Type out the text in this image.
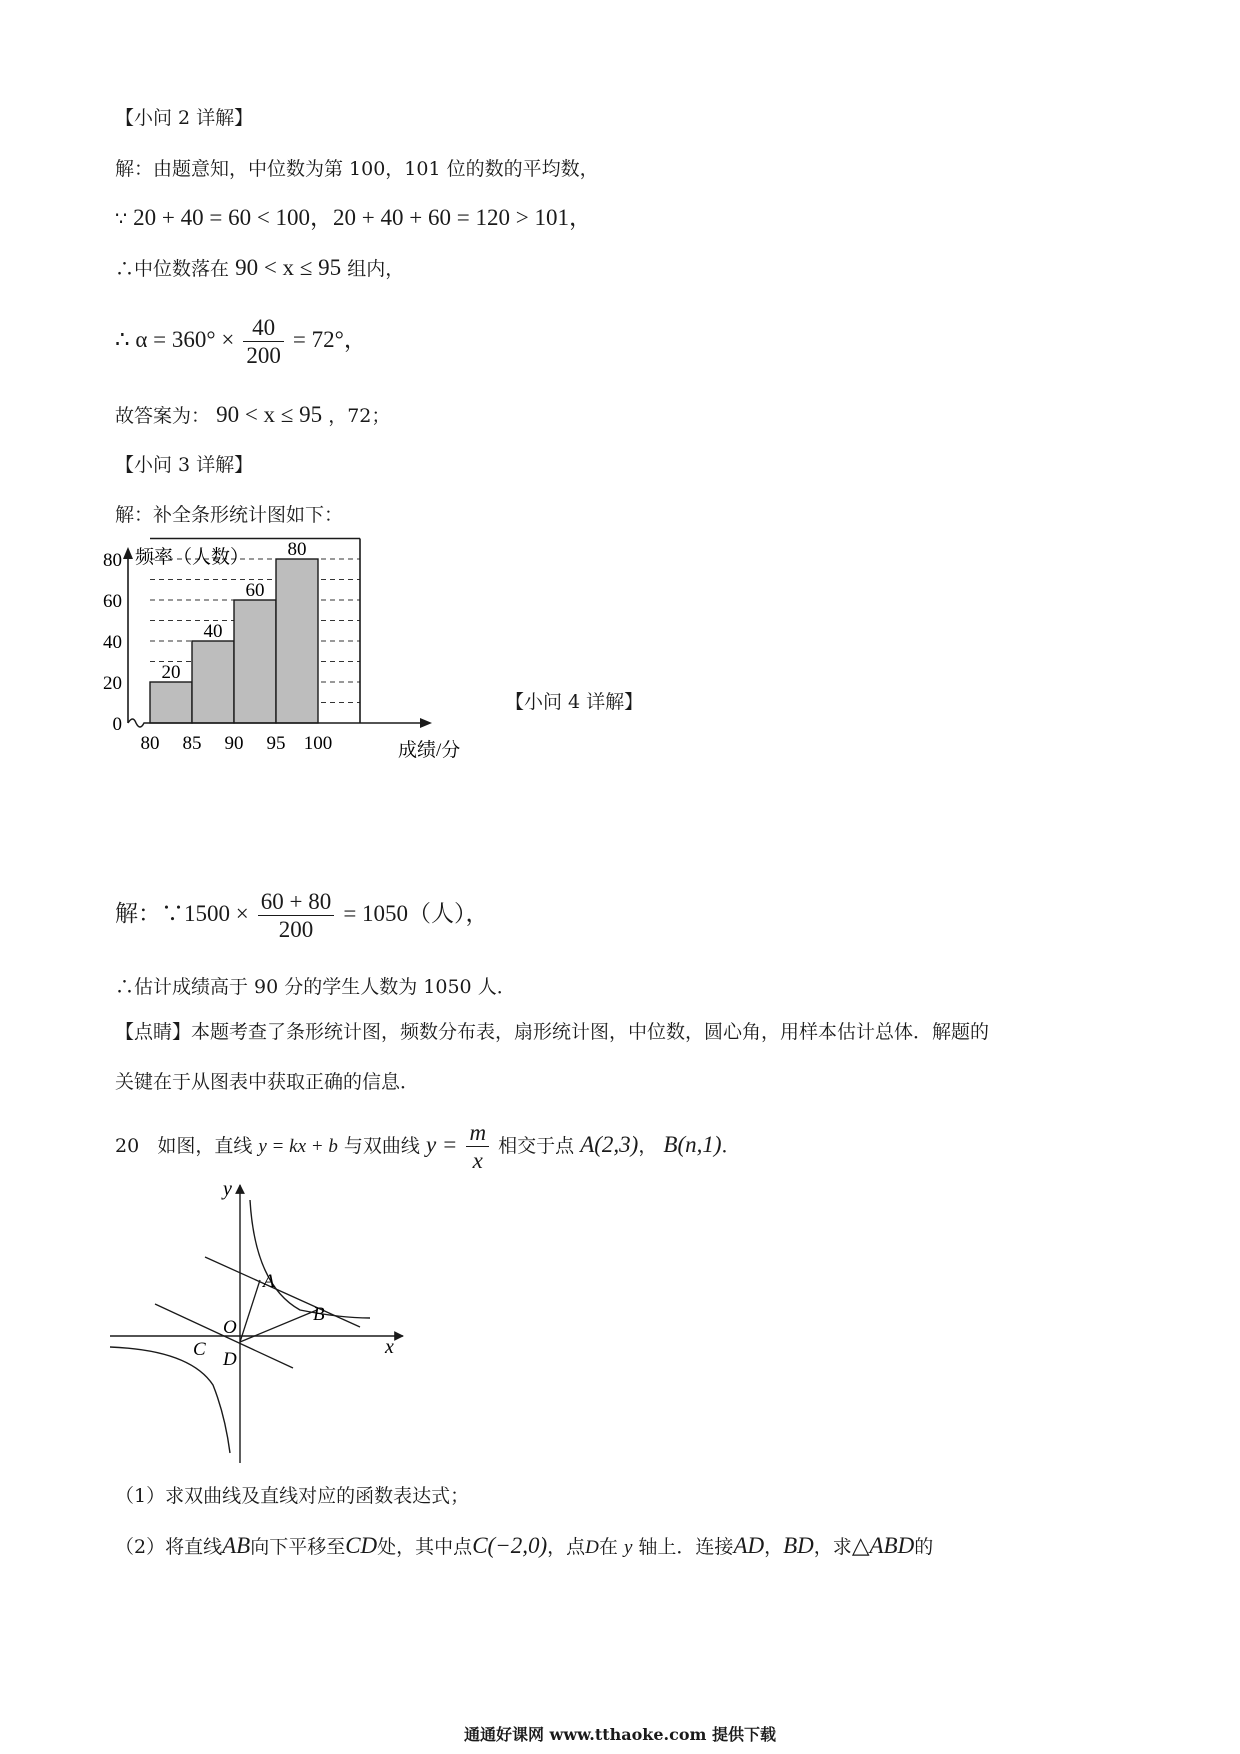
【小问 2 详解】
解：由题意知，中位数为第 100，101 位的数的平均数，
∵ 20 + 40 = 60 < 100，20 + 40 + 60 = 120 > 101，
∴中位数落在 90 < x ≤ 95 组内，
∴ $\alpha = 360^\circ \times \frac{40}{200} = 72^\circ$，
故答案为： 90 < x ≤ 95 ，72；
【小问 3 详解】
解：补全条形统计图如下：
20
40
60
80
0
20
40
60
80
80 85 90 95 100
频率（人数）
成绩/分
【小问 4 详解】
解：∵1500 × $\frac{60 + 80}{200} = 1050$（人），
∴估计成绩高于 90 分的学生人数为 1050 人．
【点睛】本题考查了条形统计图，频数分布表，扇形统计图，中位数，圆心角，用样本估计总体．解题的
关键在于从图表中获取正确的信息．
20 如图，直线 y = kx + b 与双曲线 $y = \frac{m}{x}$ 相交于点 A(2,3)， B(n,1)．
y
x
O
A
B
C D
（1）求双曲线及直线对应的函数表达式；
（2）将直线AB向下平移至CD处，其中点C(−2,0)，点D在 y 轴上．连接AD，BD，求△ABD的
通通好课网 www.tthaoke.com 提供下载
